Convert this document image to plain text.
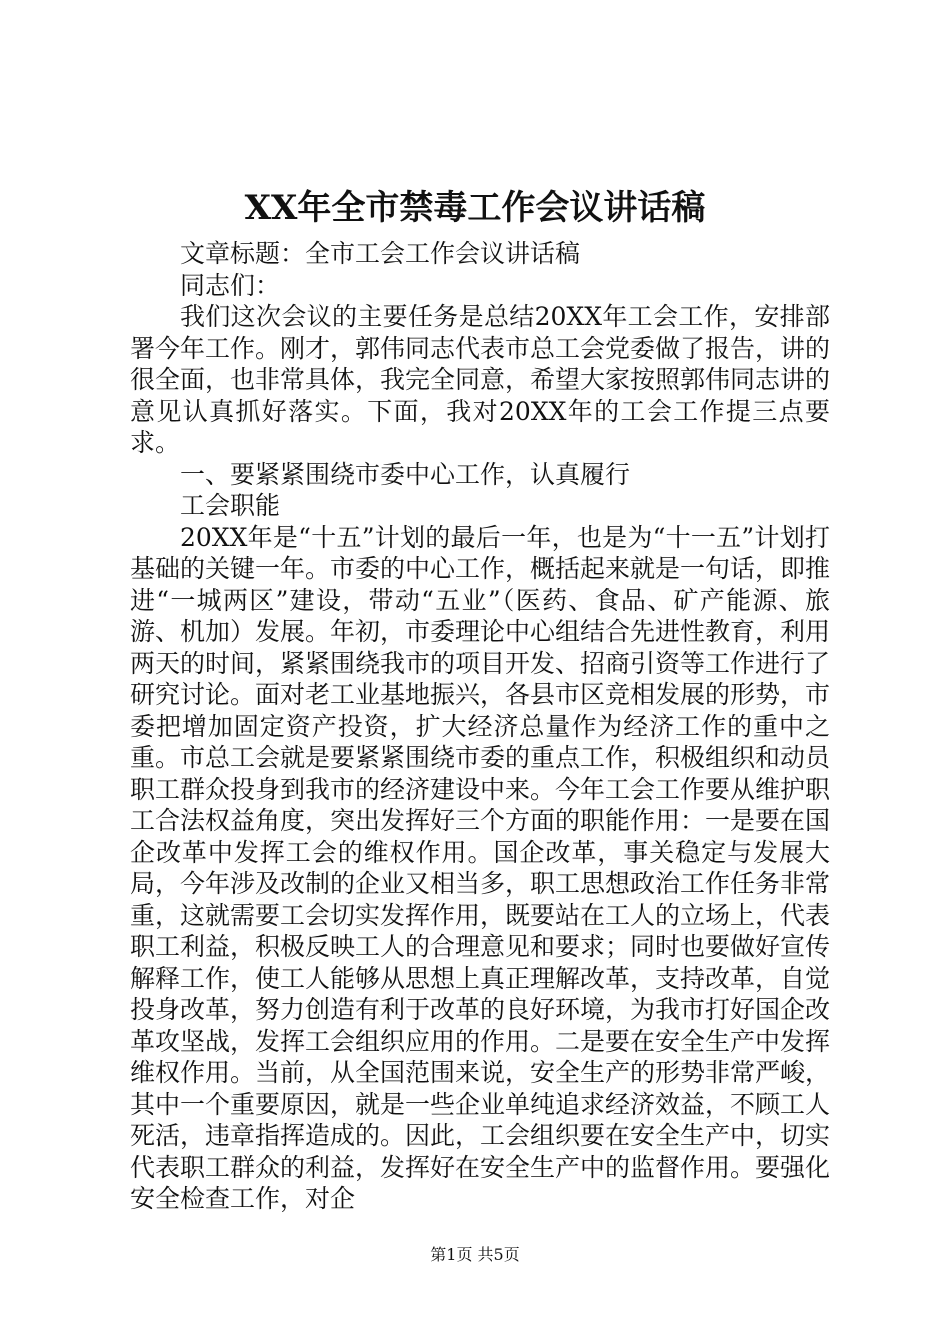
XX年全市禁毒工作会议讲话稿

文章标题：全市工会工作会议讲话稿

同志们：

我们这次会议的主要任务是总结20XX年工会工作，安排部署今年工作。刚才，郭伟同志代表市总工会党委做了报告，讲的很全面，也非常具体，我完全同意，希望大家按照郭伟同志讲的意见认真抓好落实。下面，我对20XX年的工会工作提三点要求。

一、要紧紧围绕市委中心工作，认真履行

工会职能

20XX年是“十五”计划的最后一年，也是为“十一五”计划打基础的关键一年。市委的中心工作，概括起来就是一句话，即推进“一城两区”建设，带动“五业”（医药、食品、矿产能源、旅游、机加）发展。年初，市委理论中心组结合先进性教育，利用两天的时间，紧紧围绕我市的项目开发、招商引资等工作进行了研究讨论。面对老工业基地振兴，各县市区竞相发展的形势，市委把增加固定资产投资，扩大经济总量作为经济工作的重中之重。市总工会就是要紧紧围绕市委的重点工作，积极组织和动员职工群众投身到我市的经济建设中来。今年工会工作要从维护职工合法权益角度，突出发挥好三个方面的职能作用：一是要在国企改革中发挥工会的维权作用。国企改革，事关稳定与发展大局，今年涉及改制的企业又相当多，职工思想政治工作任务非常重，这就需要工会切实发挥作用，既要站在工人的立场上，代表职工利益，积极反映工人的合理意见和要求；同时也要做好宣传解释工作，使工人能够从思想上真正理解改革，支持改革，自觉投身改革，努力创造有利于改革的良好环境，为我市打好国企改革攻坚战，发挥工会组织应用的作用。二是要在安全生产中发挥维权作用。当前，从全国范围来说，安全生产的形势非常严峻，其中一个重要原因，就是一些企业单纯追求经济效益，不顾工人死活，违章指挥造成的。因此，工会组织要在安全生产中，切实代表职工群众的利益，发挥好在安全生产中的监督作用。要强化安全检查工作，对企

第1页 共5页
